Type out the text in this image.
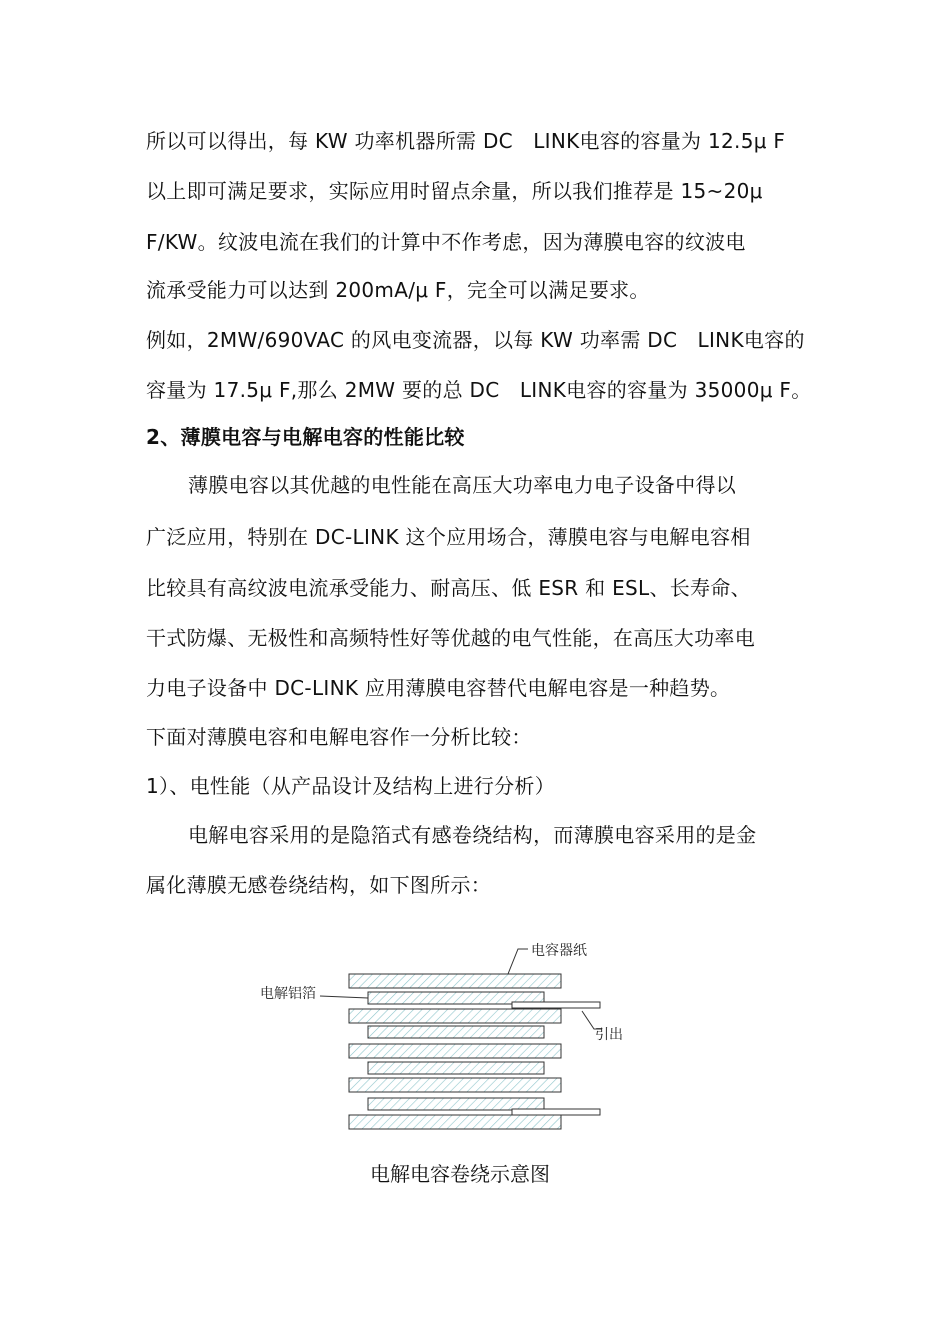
所以可以得出，每 KW 功率机器所需 DC　LINK电容的容量为 12.5μ F
以上即可满足要求，实际应用时留点余量，所以我们推荐是 15~20μ
F/KW。纹波电流在我们的计算中不作考虑，因为薄膜电容的纹波电
流承受能力可以达到 200mA/μ F，完全可以满足要求。
例如，2MW/690VAC 的风电变流器，以每 KW 功率需 DC　LINK电容的
容量为 17.5μ F,那么 2MW 要的总 DC　LINK电容的容量为 35000μ F。
2、薄膜电容与电解电容的性能比较
薄膜电容以其优越的电性能在高压大功率电力电子设备中得以
广泛应用，特别在 DC-LINK 这个应用场合，薄膜电容与电解电容相
比较具有高纹波电流承受能力、耐高压、低 ESR 和 ESL、长寿命、
干式防爆、无极性和高频特性好等优越的电气性能，在高压大功率电
力电子设备中 DC-LINK 应用薄膜电容替代电解电容是一种趋势。
下面对薄膜电容和电解电容作一分析比较：
1）、电性能（从产品设计及结构上进行分析）
电解电容采用的是隐箔式有感卷绕结构，而薄膜电容采用的是金
属化薄膜无感卷绕结构，如下图所示：
电容器纸
电解铝箔
引出
电解电容卷绕示意图
